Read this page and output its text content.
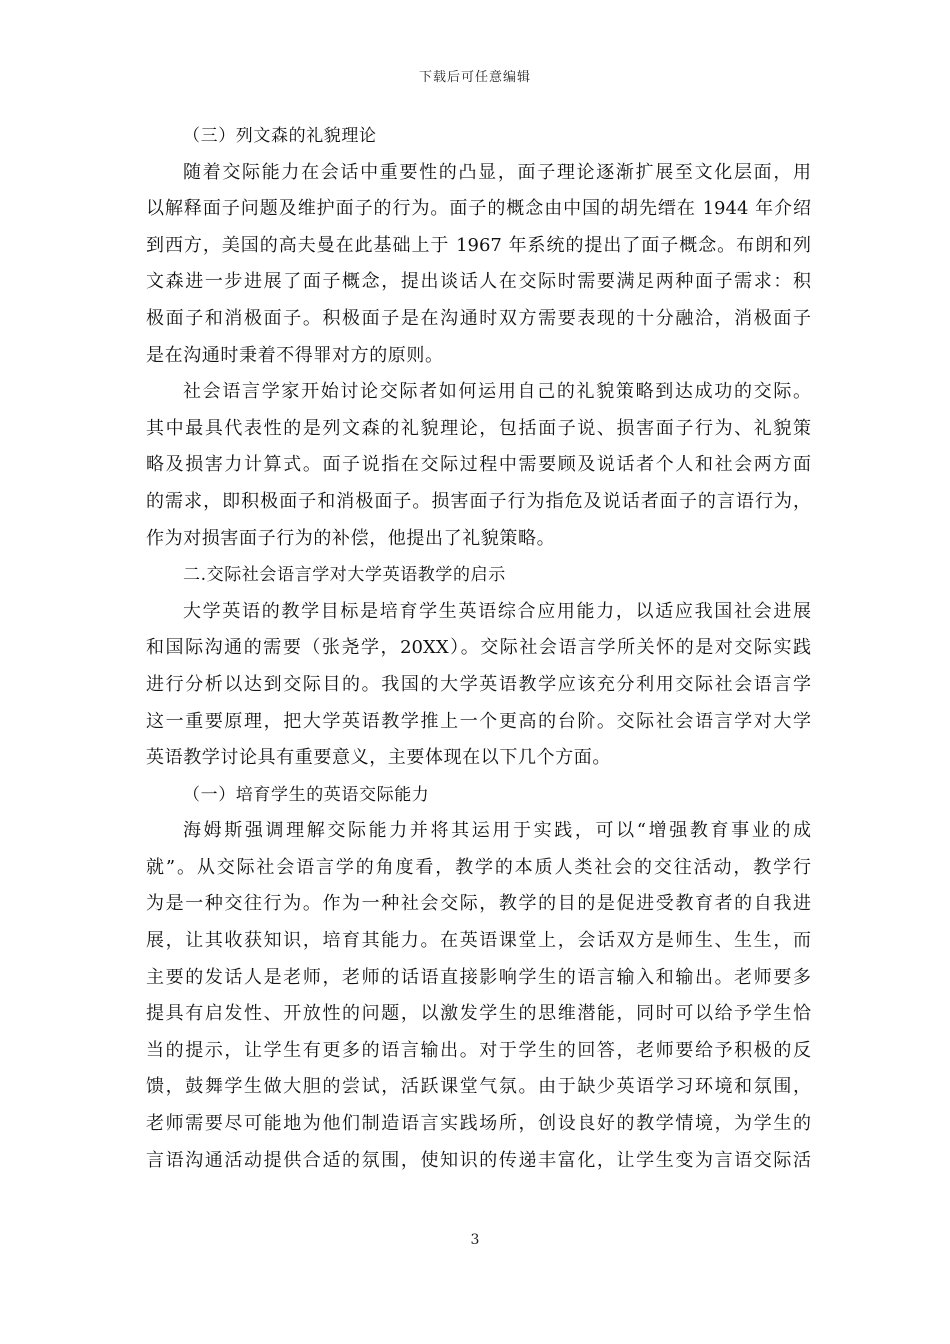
下载后可任意编辑
（三）列文森的礼貌理论
随着交际能力在会话中重要性的凸显，面子理论逐渐扩展至文化层面，用
以解释面子问题及维护面子的行为。面子的概念由中国的胡先缙在 1944 年介绍
到西方，美国的高夫曼在此基础上于 1967 年系统的提出了面子概念。布朗和列
文森进一步进展了面子概念，提出谈话人在交际时需要满足两种面子需求：积
极面子和消极面子。积极面子是在沟通时双方需要表现的十分融洽，消极面子
是在沟通时秉着不得罪对方的原则。
社会语言学家开始讨论交际者如何运用自己的礼貌策略到达成功的交际。
其中最具代表性的是列文森的礼貌理论，包括面子说、损害面子行为、礼貌策
略及损害力计算式。面子说指在交际过程中需要顾及说话者个人和社会两方面
的需求，即积极面子和消极面子。损害面子行为指危及说话者面子的言语行为，
作为对损害面子行为的补偿，他提出了礼貌策略。
二.交际社会语言学对大学英语教学的启示
大学英语的教学目标是培育学生英语综合应用能力，以适应我国社会进展
和国际沟通的需要（张尧学，20XX）。交际社会语言学所关怀的是对交际实践
进行分析以达到交际目的。我国的大学英语教学应该充分利用交际社会语言学
这一重要原理，把大学英语教学推上一个更高的台阶。交际社会语言学对大学
英语教学讨论具有重要意义，主要体现在以下几个方面。
（一）培育学生的英语交际能力
海姆斯强调理解交际能力并将其运用于实践，可以“增强教育事业的成
就”。从交际社会语言学的角度看，教学的本质人类社会的交往活动，教学行
为是一种交往行为。作为一种社会交际，教学的目的是促进受教育者的自我进
展，让其收获知识，培育其能力。在英语课堂上，会话双方是师生、生生，而
主要的发话人是老师，老师的话语直接影响学生的语言输入和输出。老师要多
提具有启发性、开放性的问题，以激发学生的思维潜能，同时可以给予学生恰
当的提示，让学生有更多的语言输出。对于学生的回答，老师要给予积极的反
馈，鼓舞学生做大胆的尝试，活跃课堂气氛。由于缺少英语学习环境和氛围，
老师需要尽可能地为他们制造语言实践场所，创设良好的教学情境，为学生的
言语沟通活动提供合适的氛围，使知识的传递丰富化，让学生变为言语交际活
3
